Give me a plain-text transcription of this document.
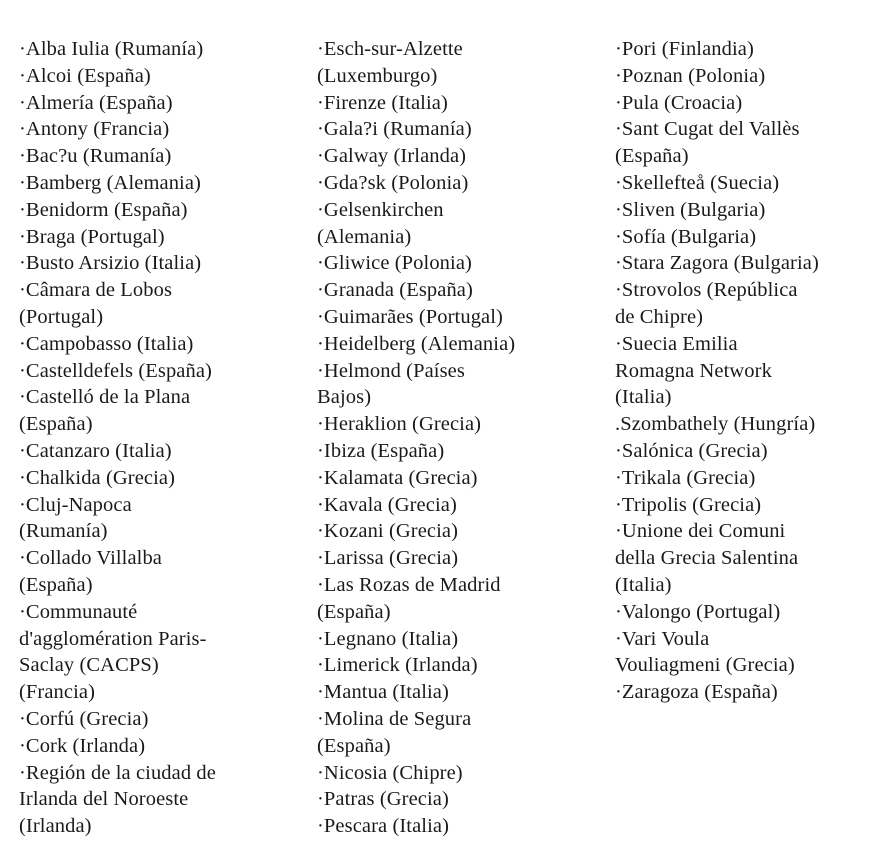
·Alba Iulia (Rumanía)
·Alcoi (España)
·Almería (España)
·Antony (Francia)
·Bac?u (Rumanía)
·Bamberg (Alemania)
·Benidorm (España)
·Braga (Portugal)
·Busto Arsizio (Italia)
·Câmara de Lobos
(Portugal)
·Campobasso (Italia)
·Castelldefels (España)
·Castelló de la Plana
(España)
·Catanzaro (Italia)
·Chalkida (Grecia)
·Cluj-Napoca
(Rumanía)
·Collado Villalba
(España)
·Communauté
d'agglomération Paris-
Saclay (CACPS)
(Francia)
·Corfú (Grecia)
·Cork (Irlanda)
·Región de la ciudad de
Irlanda del Noroeste
(Irlanda)
·Esch-sur-Alzette
(Luxemburgo)
·Firenze (Italia)
·Gala?i (Rumanía)
·Galway (Irlanda)
·Gda?sk (Polonia)
·Gelsenkirchen
(Alemania)
·Gliwice (Polonia)
·Granada (España)
·Guimarães (Portugal)
·Heidelberg (Alemania)
·Helmond (Países
Bajos)
·Heraklion (Grecia)
·Ibiza (España)
·Kalamata (Grecia)
·Kavala (Grecia)
·Kozani (Grecia)
·Larissa (Grecia)
·Las Rozas de Madrid
(España)
·Legnano (Italia)
·Limerick (Irlanda)
·Mantua (Italia)
·Molina de Segura
(España)
·Nicosia (Chipre)
·Patras (Grecia)
·Pescara (Italia)
·Pori (Finlandia)
·Poznan (Polonia)
·Pula (Croacia)
·Sant Cugat del Vallès
(España)
·Skellefteå (Suecia)
·Sliven (Bulgaria)
·Sofía (Bulgaria)
·Stara Zagora (Bulgaria)
·Strovolos (República
de Chipre)
·Suecia Emilia
Romagna Network
(Italia)
.Szombathely (Hungría)
·Salónica (Grecia)
·Trikala (Grecia)
·Tripolis (Grecia)
·Unione dei Comuni
della Grecia Salentina
(Italia)
·Valongo (Portugal)
·Vari Voula
Vouliagmeni (Grecia)
·Zaragoza (España)
